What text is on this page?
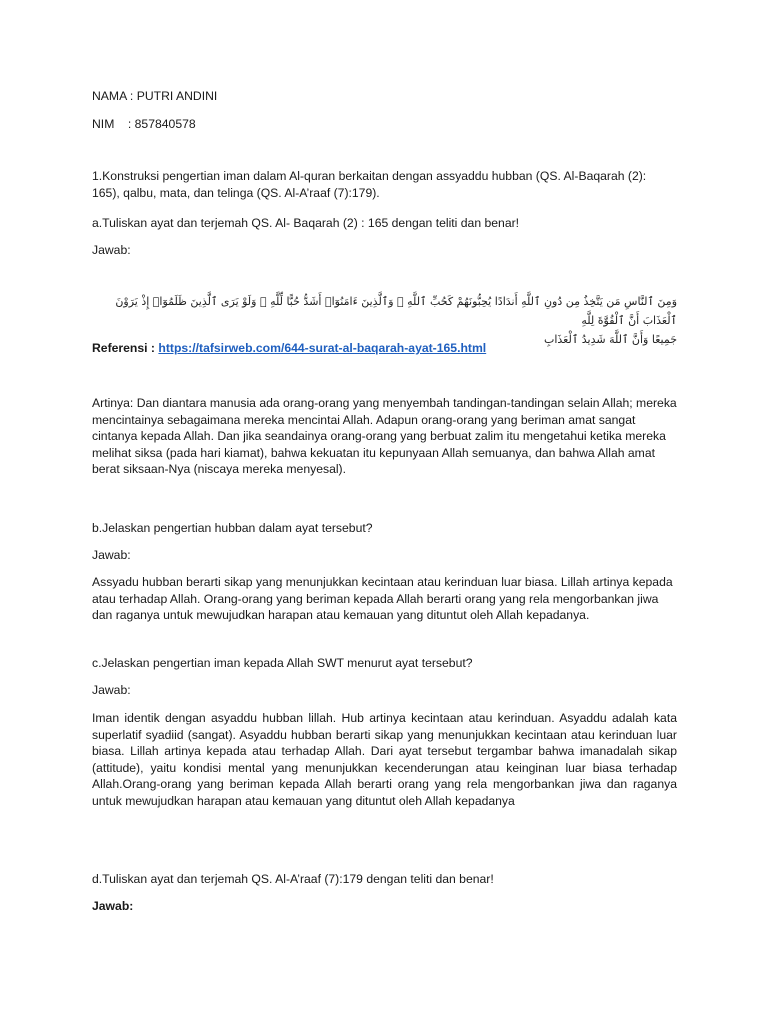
NAMA : PUTRI ANDINI

NIM    : 857840578

1.Konstruksi pengertian iman dalam Al-quran berkaitan dengan assyaddu hubban (QS. Al-Baqarah (2): 165), qalbu, mata, dan telinga (QS. Al-A’raaf (7):179).

a.Tuliskan ayat dan terjemah QS. Al- Baqarah (2) : 165 dengan teliti dan benar!

Jawab:

وَمِنَ ٱلنَّاسِ مَن يَتَّخِذُ مِن دُونِ ٱللَّهِ أَندَادًا يُحِبُّونَهُمْ كَحُبِّ ٱللَّهِ ۖ وَٱلَّذِينَ ءَامَنُوٓا۟ أَشَدُّ حُبًّا لِّلَّهِ ۗ وَلَوْ يَرَى ٱلَّذِينَ ظَلَمُوٓا۟ إِذْ يَرَوْنَ ٱلْعَذَابَ أَنَّ ٱلْقُوَّةَ لِلَّهِ
جَمِيعًا وَأَنَّ ٱللَّهَ شَدِيدُ ٱلْعَذَابِ

Referensi : https://tafsirweb.com/644-surat-al-baqarah-ayat-165.html

Artinya: Dan diantara manusia ada orang-orang yang menyembah tandingan-tandingan selain Allah; mereka mencintainya sebagaimana mereka mencintai Allah. Adapun orang-orang yang beriman amat sangat cintanya kepada Allah. Dan jika seandainya orang-orang yang berbuat zalim itu mengetahui ketika mereka melihat siksa (pada hari kiamat), bahwa kekuatan itu kepunyaan Allah semuanya, dan bahwa Allah amat berat siksaan-Nya (niscaya mereka menyesal).

b.Jelaskan pengertian hubban dalam ayat tersebut?

Jawab:

Assyadu hubban berarti sikap yang menunjukkan kecintaan atau kerinduan luar biasa. Lillah artinya kepada atau terhadap Allah. Orang-orang yang beriman kepada Allah berarti orang yang rela mengorbankan jiwa dan raganya untuk mewujudkan harapan atau kemauan yang dituntut oleh Allah kepadanya.

c.Jelaskan pengertian iman kepada Allah SWT menurut ayat tersebut?

Jawab:

Iman identik dengan asyaddu hubban lillah. Hub artinya kecintaan atau kerinduan. Asyaddu adalah kata superlatif syadiid (sangat). Asyaddu hubban berarti sikap yang menunjukkan kecintaan atau kerinduan luar biasa. Lillah artinya kepada atau terhadap Allah. Dari ayat tersebut tergambar bahwa imanadalah sikap (attitude), yaitu kondisi mental yang menunjukkan kecenderungan atau keinginan luar biasa terhadap Allah.Orang-orang yang beriman kepada Allah berarti orang yang rela mengorbankan jiwa dan raganya untuk mewujudkan harapan atau kemauan yang dituntut oleh Allah kepadanya

d.Tuliskan ayat dan terjemah QS. Al-A’raaf (7):179 dengan teliti dan benar!

Jawab:
